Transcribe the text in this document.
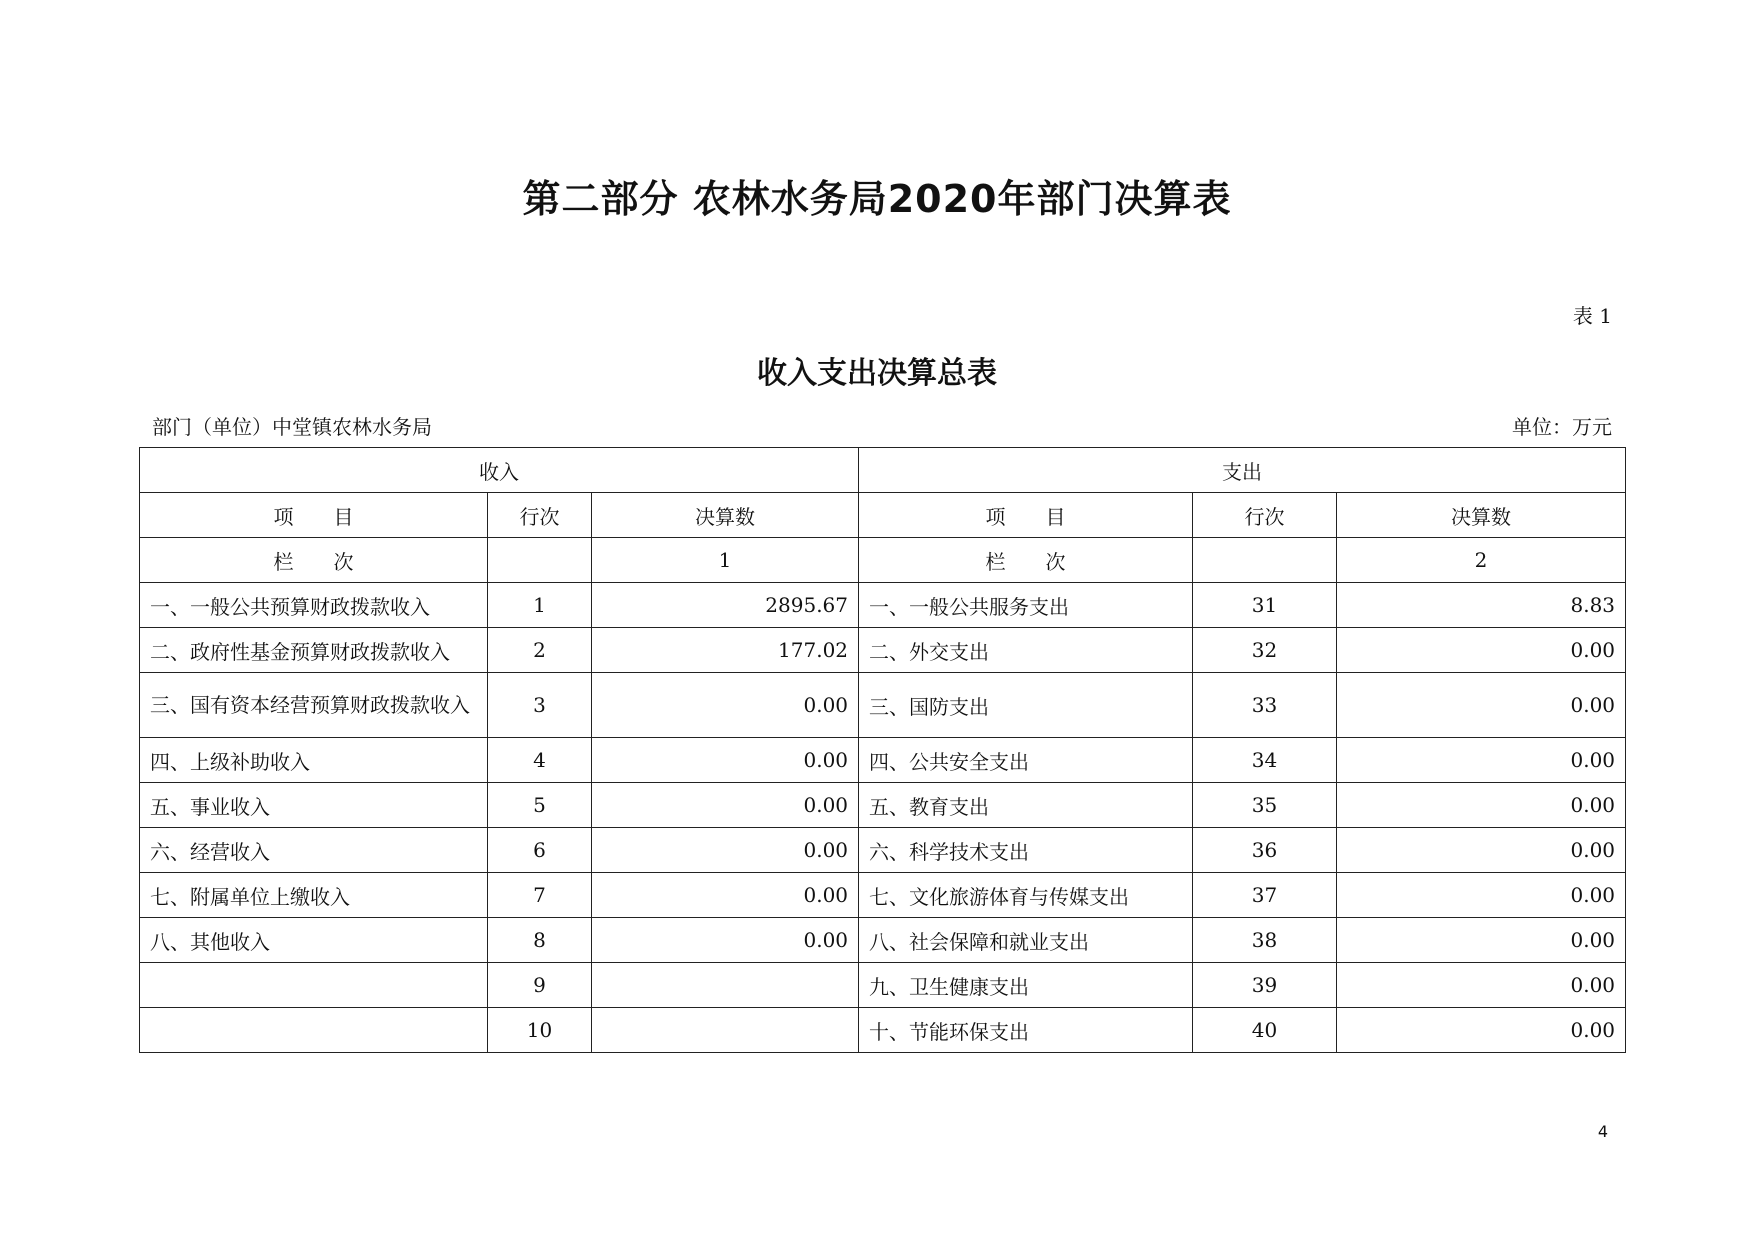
第二部分 农林水务局2020年部门决算表
表 1
收入支出决算总表
部门（单位）中堂镇农林水务局	单位：万元
收入			支出		
项　　目	行次	决算数	项　　目	行次	决算数
栏　　次		1	栏　　次		2
一、一般公共预算财政拨款收入	1	2895.67	一、一般公共服务支出	31	8.83
二、政府性基金预算财政拨款收入	2	177.02	二、外交支出	32	0.00
三、国有资本经营预算财政拨款收入	3	0.00	三、国防支出	33	0.00
四、上级补助收入	4	0.00	四、公共安全支出	34	0.00
五、事业收入	5	0.00	五、教育支出	35	0.00
六、经营收入	6	0.00	六、科学技术支出	36	0.00
七、附属单位上缴收入	7	0.00	七、文化旅游体育与传媒支出	37	0.00
八、其他收入	8	0.00	八、社会保障和就业支出	38	0.00
	9		九、卫生健康支出	39	0.00
	10		十、节能环保支出	40	0.00
4
